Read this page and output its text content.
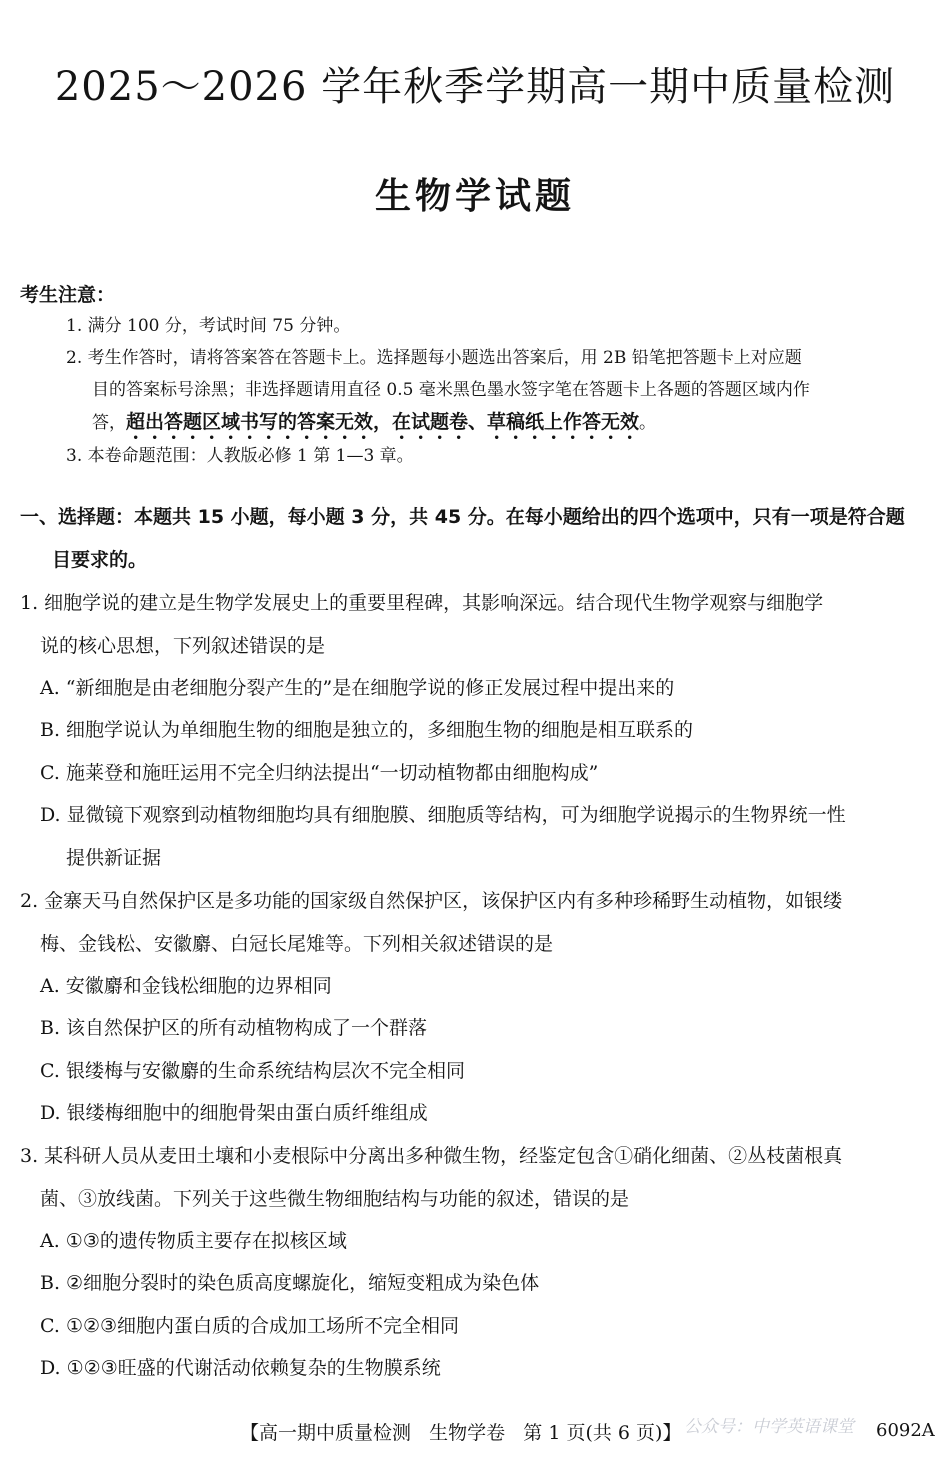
2025～2026 学年秋季学期高一期中质量检测
生物学试题
考生注意：
1. 满分 100 分，考试时间 75 分钟。
2. 考生作答时，请将答案答在答题卡上。选择题每小题选出答案后，用 2B 铅笔把答题卡上对应题
目的答案标号涂黑；非选择题请用直径 0.5 毫米黑色墨水签字笔在答题卡上各题的答题区域内作
答，超出答题区域书写的答案无效，在试题卷、草稿纸上作答无效。
3. 本卷命题范围：人教版必修 1 第 1—3 章。
一、选择题：本题共 15 小题，每小题 3 分，共 45 分。在每小题给出的四个选项中，只有一项是符合题
目要求的。
1. 细胞学说的建立是生物学发展史上的重要里程碑，其影响深远。结合现代生物学观察与细胞学
说的核心思想，下列叙述错误的是
A. “新细胞是由老细胞分裂产生的”是在细胞学说的修正发展过程中提出来的
B. 细胞学说认为单细胞生物的细胞是独立的，多细胞生物的细胞是相互联系的
C. 施莱登和施旺运用不完全归纳法提出“一切动植物都由细胞构成”
D. 显微镜下观察到动植物细胞均具有细胞膜、细胞质等结构，可为细胞学说揭示的生物界统一性
提供新证据
2. 金寨天马自然保护区是多功能的国家级自然保护区，该保护区内有多种珍稀野生动植物，如银缕
梅、金钱松、安徽麝、白冠长尾雉等。下列相关叙述错误的是
A. 安徽麝和金钱松细胞的边界相同
B. 该自然保护区的所有动植物构成了一个群落
C. 银缕梅与安徽麝的生命系统结构层次不完全相同
D. 银缕梅细胞中的细胞骨架由蛋白质纤维组成
3. 某科研人员从麦田土壤和小麦根际中分离出多种微生物，经鉴定包含①硝化细菌、②丛枝菌根真
菌、③放线菌。下列关于这些微生物细胞结构与功能的叙述，错误的是
A. ①③的遗传物质主要存在拟核区域
B. ②细胞分裂时的染色质高度螺旋化，缩短变粗成为染色体
C. ①②③细胞内蛋白质的合成加工场所不完全相同
D. ①②③旺盛的代谢活动依赖复杂的生物膜系统
【高一期中质量检测 生物学卷 第 1 页(共 6 页)】 公众号：中学英语课堂 6092A
